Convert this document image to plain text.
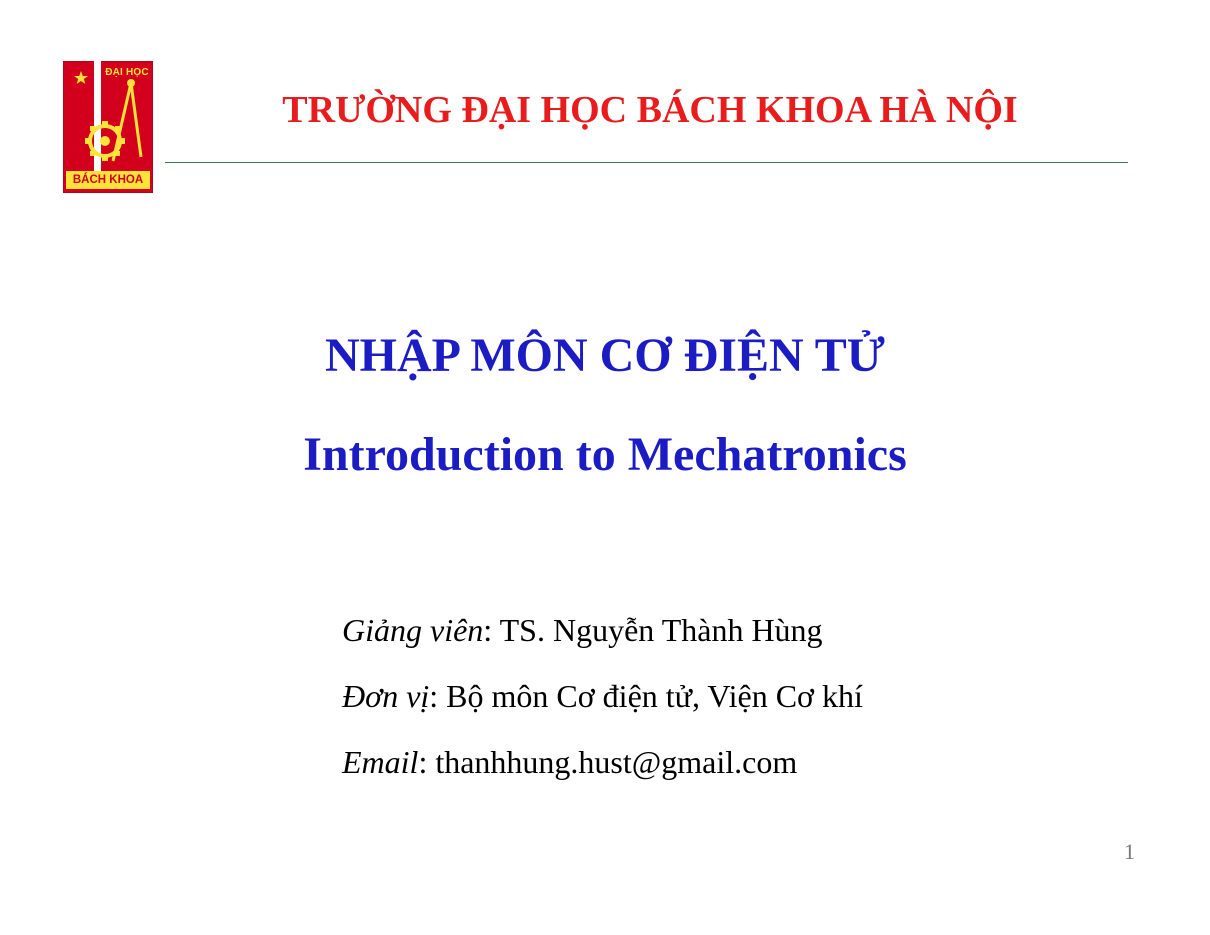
ĐẠI HỌC
BÁCH KHOA
TRƯỜNG ĐẠI HỌC BÁCH KHOA HÀ NỘI
NHẬP MÔN CƠ ĐIỆN TỬ
Introduction to Mechatronics
Giảng viên: TS. Nguyễn Thành Hùng
Đơn vị: Bộ môn Cơ điện tử, Viện Cơ khí
Email: thanhhung.hust@gmail.com
1
